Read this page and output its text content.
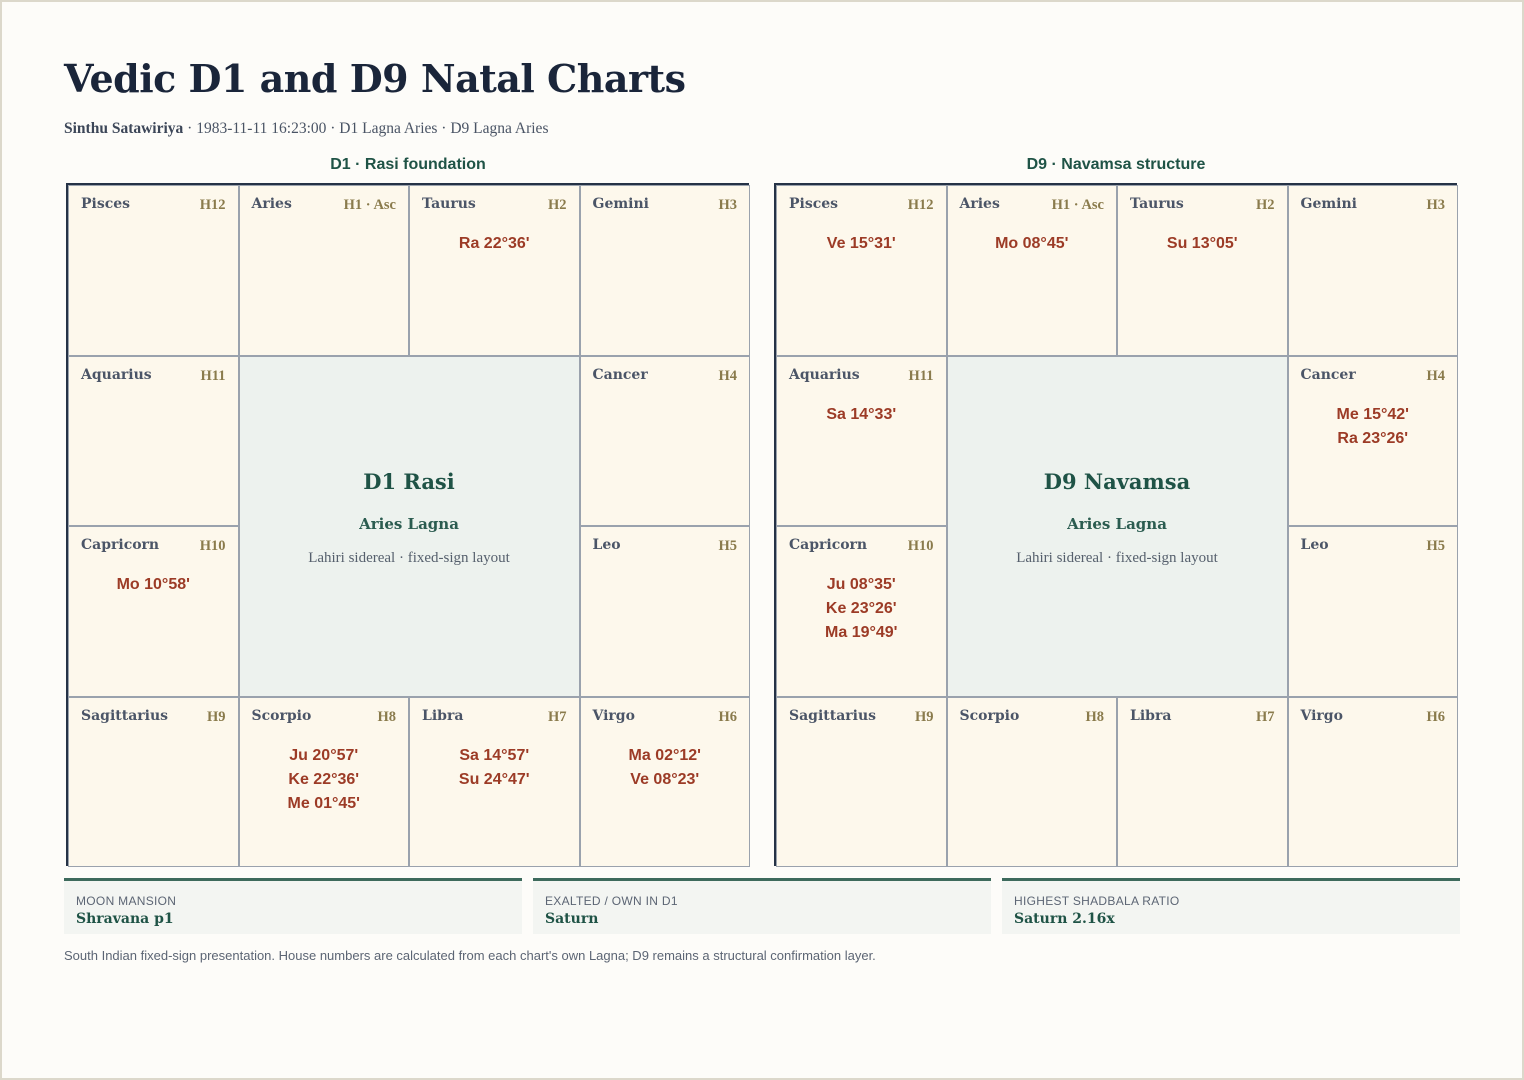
Vedic D1 and D9 Natal Charts
Sinthu Satawiriya · 1983-11-11 16:23:00 · D1 Lagna Aries · D9 Lagna Aries
D1 · Rasi foundation
Virgo	H6
Ma 02°12'
Ve 08°23'
Libra	H7
Sa 14°57'
Su 24°47'
Scorpio	H8
Ju 20°57'
Ke 22°36'
Me 01°45'
Sagittarius	H9
Leo	H5
Capricorn	H10
Mo 10°58'
Cancer	H4
Aquarius	H11
Gemini	H3
Taurus	H2
Ra 22°36'
Aries	H1 · Asc
Pisces	H12
D1 Rasi
Aries Lagna
Lahiri sidereal · fixed-sign layout
D9 · Navamsa structure
Virgo	H6
Libra	H7
Scorpio	H8
Sagittarius	H9
Leo	H5
Capricorn	H10
Ju 08°35'
Ke 23°26'
Ma 19°49'
Cancer	H4
Me 15°42'
Ra 23°26'
Aquarius	H11
Sa 14°33'
Gemini	H3
Taurus	H2
Su 13°05'
Aries	H1 · Asc
Mo 08°45'
Pisces	H12
Ve 15°31'
D9 Navamsa
Aries Lagna
Lahiri sidereal · fixed-sign layout
MOON MANSION
Shravana p1
EXALTED / OWN IN D1
Saturn
HIGHEST SHADBALA RATIO
Saturn 2.16x
South Indian fixed-sign presentation. House numbers are calculated from each chart's own Lagna; D9 remains a structural confirmation layer.
